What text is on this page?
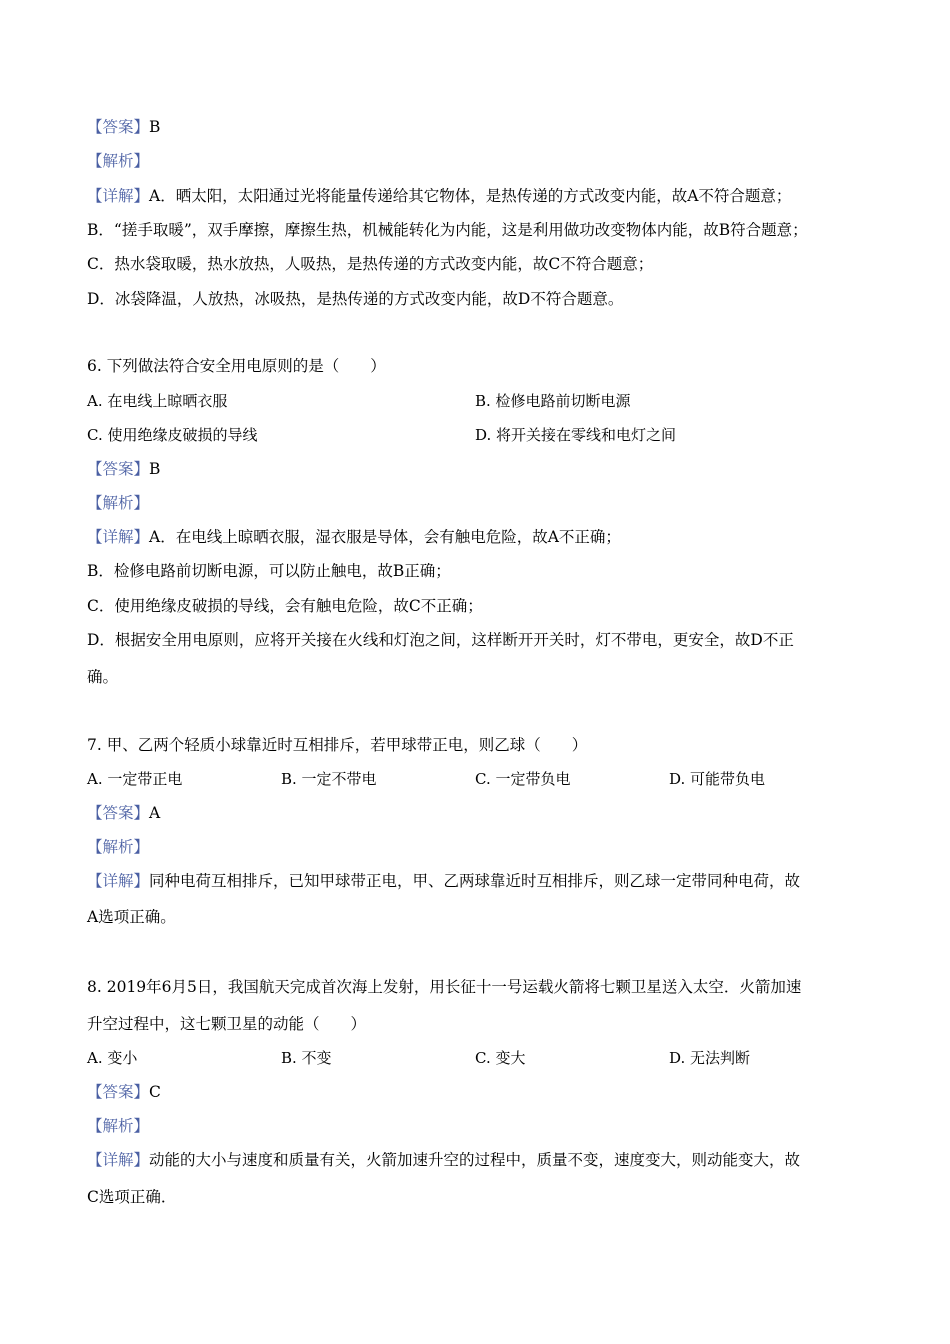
【答案】B
【解析】
【详解】A．晒太阳，太阳通过光将能量传递给其它物体，是热传递的方式改变内能，故A不符合题意；
B．“搓手取暖”，双手摩擦，摩擦生热，机械能转化为内能，这是利用做功改变物体内能，故B符合题意；
C．热水袋取暖，热水放热，人吸热，是热传递的方式改变内能，故C不符合题意；
D．冰袋降温，人放热，冰吸热，是热传递的方式改变内能，故D不符合题意。
6. 下列做法符合安全用电原则的是（　　）
A. 在电线上晾晒衣服	B. 检修电路前切断电源
C. 使用绝缘皮破损的导线	D. 将开关接在零线和电灯之间
【答案】B
【解析】
【详解】A．在电线上晾晒衣服，湿衣服是导体，会有触电危险，故A不正确；
B．检修电路前切断电源，可以防止触电，故B正确；
C．使用绝缘皮破损的导线，会有触电危险，故C不正确；
D．根据安全用电原则，应将开关接在火线和灯泡之间，这样断开开关时，灯不带电，更安全，故D不正
确。
7. 甲、乙两个轻质小球靠近时互相排斥，若甲球带正电，则乙球（　　）
A. 一定带正电	B. 一定不带电	C. 一定带负电	D. 可能带负电
【答案】A
【解析】
【详解】同种电荷互相排斥，已知甲球带正电，甲、乙两球靠近时互相排斥，则乙球一定带同种电荷，故
A选项正确。
8. 2019年6月5日，我国航天完成首次海上发射，用长征十一号运载火箭将七颗卫星送入太空．火箭加速
升空过程中，这七颗卫星的动能（　　）
A. 变小	B. 不变	C. 变大	D. 无法判断
【答案】C
【解析】
【详解】动能的大小与速度和质量有关，火箭加速升空的过程中，质量不变，速度变大，则动能变大，故
C选项正确．
